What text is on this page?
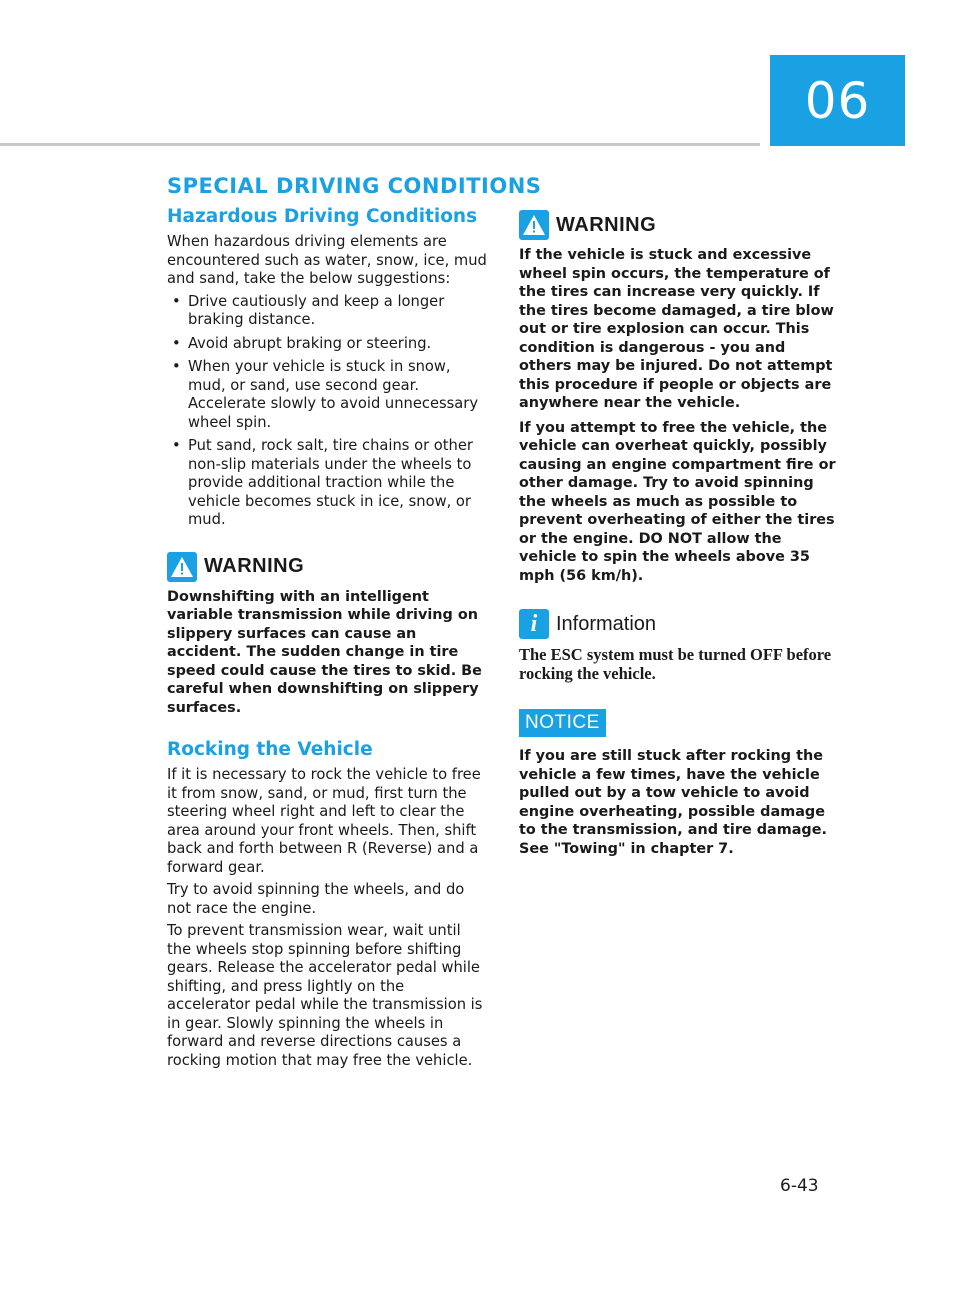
06
SPECIAL DRIVING CONDITIONS
Hazardous Driving Conditions

When hazardous driving elements are encountered such as water, snow, ice, mud and sand, take the below suggestions:

• Drive cautiously and keep a longer braking distance.
• Avoid abrupt braking or steering.
• When your vehicle is stuck in snow, mud, or sand, use second gear. Accelerate slowly to avoid unnecessary wheel spin.
• Put sand, rock salt, tire chains or other non-slip materials under the wheels to provide additional traction while the vehicle becomes stuck in ice, snow, or mud.
WARNING

Downshifting with an intelligent variable transmission while driving on slippery surfaces can cause an accident. The sudden change in tire speed could cause the tires to skid. Be careful when downshifting on slippery surfaces.

Rocking the Vehicle

If it is necessary to rock the vehicle to free it from snow, sand, or mud, first turn the steering wheel right and left to clear the area around your front wheels. Then, shift back and forth between R (Reverse) and a forward gear.

Try to avoid spinning the wheels, and do not race the engine.

To prevent transmission wear, wait until the wheels stop spinning before shifting gears. Release the accelerator pedal while shifting, and press lightly on the accelerator pedal while the transmission is in gear. Slowly spinning the wheels in forward and reverse directions causes a rocking motion that may free the vehicle.

WARNING

If the vehicle is stuck and excessive wheel spin occurs, the temperature of the tires can increase very quickly. If the tires become damaged, a tire blow out or tire explosion can occur. This condition is dangerous - you and others may be injured. Do not attempt this procedure if people or objects are anywhere near the vehicle.

If you attempt to free the vehicle, the vehicle can overheat quickly, possibly causing an engine compartment fire or other damage. Try to avoid spinning the wheels as much as possible to prevent overheating of either the tires or the engine. DO NOT allow the vehicle to spin the wheels above 35 mph (56 km/h).

i Information

The ESC system must be turned OFF before rocking the vehicle.

NOTICE

If you are still stuck after rocking the vehicle a few times, have the vehicle pulled out by a tow vehicle to avoid engine overheating, possible damage to the transmission, and tire damage. See "Towing" in chapter 7.

6-43
